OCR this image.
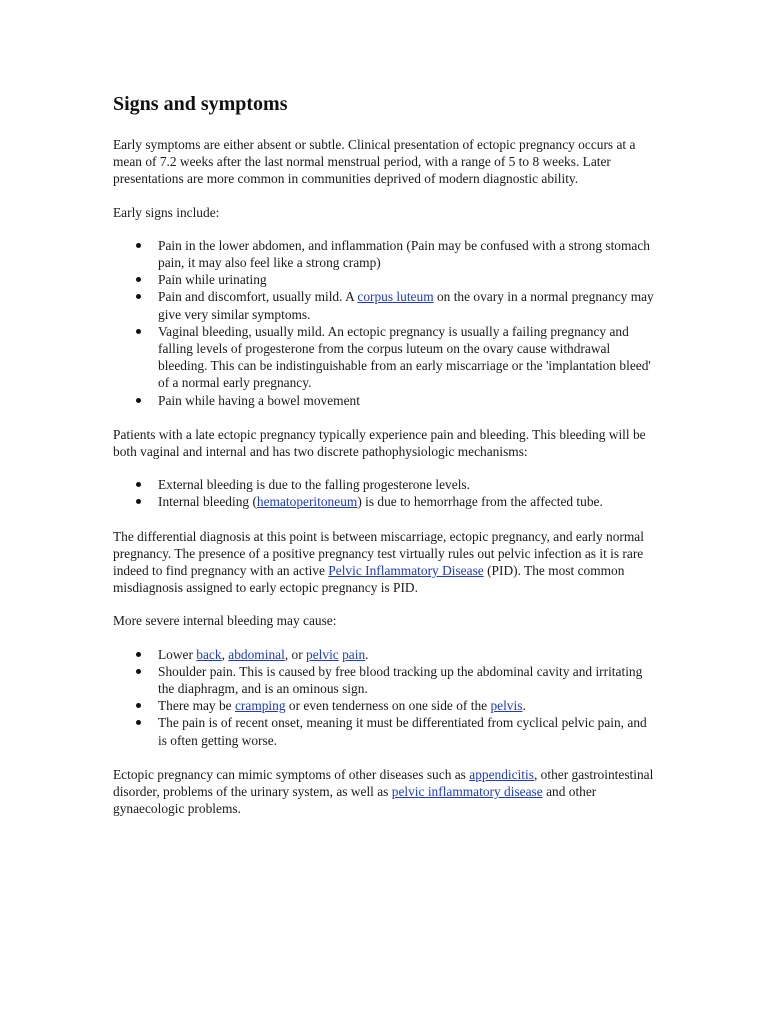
Signs and symptoms

Early symptoms are either absent or subtle. Clinical presentation of ectopic pregnancy occurs at a mean of 7.2 weeks after the last normal menstrual period, with a range of 5 to 8 weeks. Later presentations are more common in communities deprived of modern diagnostic ability.

Early signs include:

Pain in the lower abdomen, and inflammation (Pain may be confused with a strong stomach pain, it may also feel like a strong cramp)
Pain while urinating
Pain and discomfort, usually mild. A corpus luteum on the ovary in a normal pregnancy may give very similar symptoms.
Vaginal bleeding, usually mild. An ectopic pregnancy is usually a failing pregnancy and falling levels of progesterone from the corpus luteum on the ovary cause withdrawal bleeding. This can be indistinguishable from an early miscarriage or the 'implantation bleed' of a normal early pregnancy.
Pain while having a bowel movement

Patients with a late ectopic pregnancy typically experience pain and bleeding. This bleeding will be both vaginal and internal and has two discrete pathophysiologic mechanisms:

External bleeding is due to the falling progesterone levels.
Internal bleeding (hematoperitoneum) is due to hemorrhage from the affected tube.

The differential diagnosis at this point is between miscarriage, ectopic pregnancy, and early normal pregnancy. The presence of a positive pregnancy test virtually rules out pelvic infection as it is rare indeed to find pregnancy with an active Pelvic Inflammatory Disease (PID). The most common misdiagnosis assigned to early ectopic pregnancy is PID.

More severe internal bleeding may cause:

Lower back, abdominal, or pelvic pain.
Shoulder pain. This is caused by free blood tracking up the abdominal cavity and irritating the diaphragm, and is an ominous sign.
There may be cramping or even tenderness on one side of the pelvis.
The pain is of recent onset, meaning it must be differentiated from cyclical pelvic pain, and is often getting worse.

Ectopic pregnancy can mimic symptoms of other diseases such as appendicitis, other gastrointestinal disorder, problems of the urinary system, as well as pelvic inflammatory disease and other gynaecologic problems.
